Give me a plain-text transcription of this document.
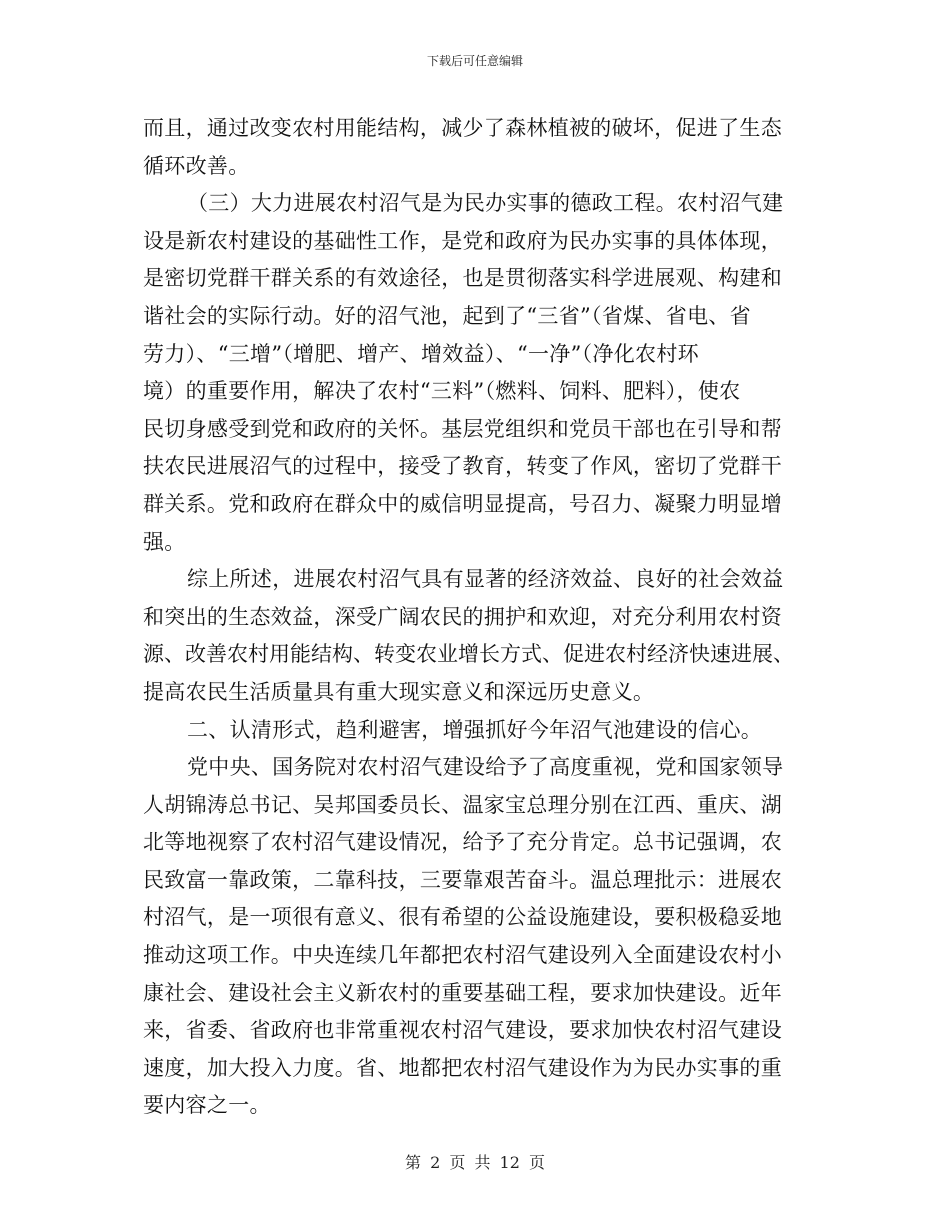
下载后可任意编辑
而且，通过改变农村用能结构，减少了森林植被的破坏，促进了生态
循环改善。
（三）大力进展农村沼气是为民办实事的德政工程。农村沼气建
设是新农村建设的基础性工作，是党和政府为民办实事的具体体现，
是密切党群干群关系的有效途径，也是贯彻落实科学进展观、构建和
谐社会的实际行动。好的沼气池，起到了“三省”（省煤、省电、省
劳力）、“三增”（增肥、增产、增效益）、“一净”（净化农村环
境）的重要作用，解决了农村“三料”（燃料、饲料、肥料），使农
民切身感受到党和政府的关怀。基层党组织和党员干部也在引导和帮
扶农民进展沼气的过程中，接受了教育，转变了作风，密切了党群干
群关系。党和政府在群众中的威信明显提高，号召力、凝聚力明显增
强。
综上所述，进展农村沼气具有显著的经济效益、良好的社会效益
和突出的生态效益，深受广阔农民的拥护和欢迎，对充分利用农村资
源、改善农村用能结构、转变农业增长方式、促进农村经济快速进展、
提高农民生活质量具有重大现实意义和深远历史意义。
二、认清形式，趋利避害，增强抓好今年沼气池建设的信心。
党中央、国务院对农村沼气建设给予了高度重视，党和国家领导
人胡锦涛总书记、吴邦国委员长、温家宝总理分别在江西、重庆、湖
北等地视察了农村沼气建设情况，给予了充分肯定。总书记强调，农
民致富一靠政策，二靠科技，三要靠艰苦奋斗。温总理批示：进展农
村沼气，是一项很有意义、很有希望的公益设施建设，要积极稳妥地
推动这项工作。中央连续几年都把农村沼气建设列入全面建设农村小
康社会、建设社会主义新农村的重要基础工程，要求加快建设。近年
来，省委、省政府也非常重视农村沼气建设，要求加快农村沼气建设
速度，加大投入力度。省、地都把农村沼气建设作为为民办实事的重
要内容之一。
第 2 页 共 12 页
